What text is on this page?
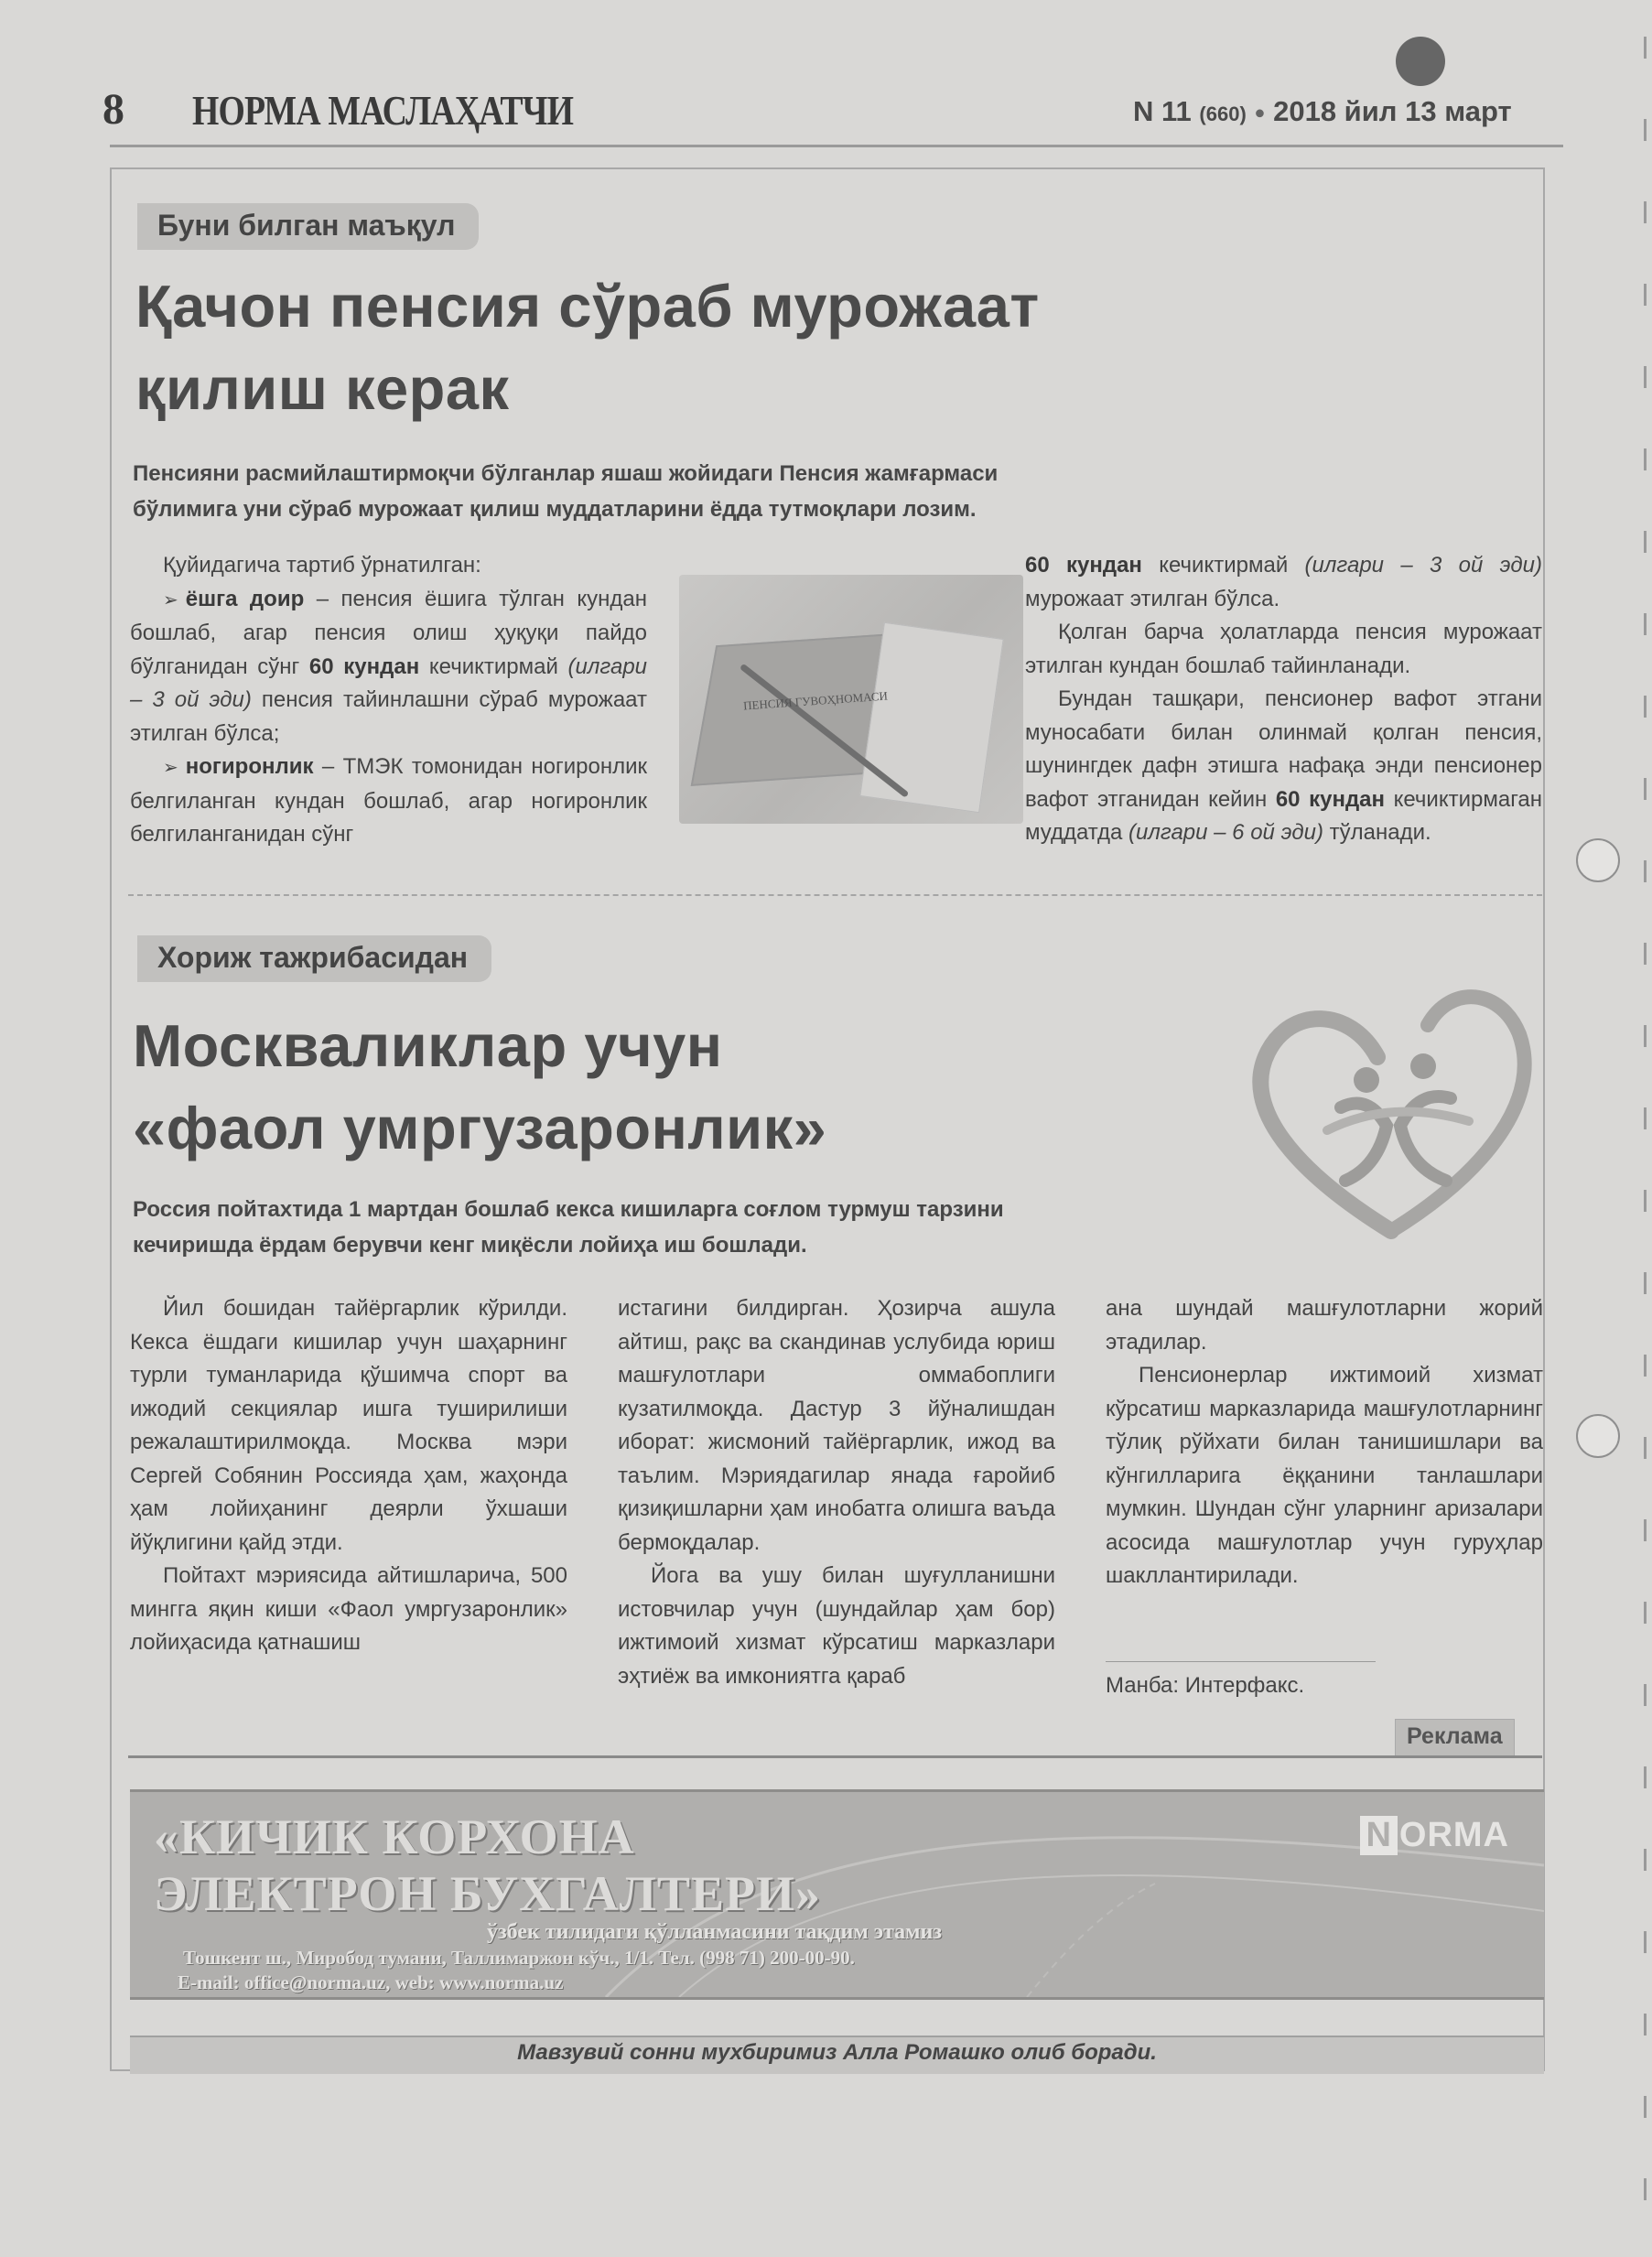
8 НОРМА МАСЛАҲАТЧИ	N 11 (660) ● 2018 йил 13 март
Буни билган маъқул
Қачон пенсия сўраб мурожаат
қилиш керак
Пенсияни расмийлаштирмоқчи бўлганлар яшаш жойидаги Пенсия жамғармаси
бўлимига уни сўраб мурожаат қилиш муддатларини ёдда тутмоқлари лозим.

Қуйидагича тартиб ўрнатилган:

➢ ёшга доир – пенсия ёшига тўлган кундан бошлаб, агар пенсия олиш ҳуқуқи пайдо бўлганидан сўнг 60 кундан кечиктирмай (илгари – 3 ой эди) пенсия тайинлашни сўраб мурожаат этилган бўлса;

➢ ногиронлик – ТМЭК томонидан ногиронлик белгиланган кундан бошлаб, агар ногиронлик белгиланганидан сўнг

ПЕНСИЯ ГУВОҲНОМАСИ

60 кундан кечиктирмай (илгари – 3 ой эди) мурожаат этилган бўлса.

Қолган барча ҳолатларда пенсия мурожаат этилган кундан бошлаб тайинланади.

Бундан ташқари, пенсионер вафот этгани муносабати билан олинмай қолган пенсия, шунингдек дафн этишга нафақа энди пенсионер вафот этганидан кейин 60 кундан кечиктирмаган муддатда (илгари – 6 ой эди) тўланади.

Хориж тажрибасидан
Москваликлар учун
«фаол умргузаронлик»
Россия пойтахтида 1 мартдан бошлаб кекса кишиларга соғлом турмуш тарзини
кечиришда ёрдам берувчи кенг миқёсли лойиҳа иш бошлади.

Йил бошидан тайёргарлик кўрилди. Кекса ёшдаги кишилар учун шаҳарнинг турли туманларида қўшимча спорт ва ижодий секциялар ишга туширилиши режалаштирилмоқда. Москва мэри Сергей Собянин Россияда ҳам, жаҳонда ҳам лойиҳанинг деярли ўхшаши йўқлигини қайд этди.

Пойтахт мэриясида айтишларича, 500 мингга яқин киши «Фаол умргузаронлик» лойиҳасида қатнашиш

истагини билдирган. Ҳозирча ашула айтиш, рақс ва скандинав услубида юриш машғулотлари оммабоплиги кузатилмоқда. Дастур 3 йўналишдан иборат: жисмоний тайёргарлик, ижод ва таълим. Мэриядагилар янада ғаройиб қизиқишларни ҳам инобатга олишга ваъда бермоқдалар.

Йога ва ушу билан шуғулланишни истовчилар учун (шундайлар ҳам бор) ижтимоий хизмат кўрсатиш марказлари эҳтиёж ва имкониятга қараб

ана шундай машғулотларни жорий этадилар.

Пенсионерлар ижтимоий хизмат кўрсатиш марказларида машғулотларнинг тўлиқ рўйхати билан танишишлари ва кўнгилларига ёққанини танлашлари мумкин. Шундан сўнг уларнинг аризалари асосида машғулотлар учун гуруҳлар шакллантирилади.

Манба: Интерфакс.
Реклама
«КИЧИК КОРХОНА
ЭЛЕКТРОН БУХГАЛТЕРИ»
N ORMA
ўзбек тилидаги қўлланмасини тақдим этамиз
Тошкент ш., Миробод тумани, Таллимаржон кўч., 1/1. Тел. (998 71) 200-00-90.
E-mail: office@norma.uz, web: www.norma.uz
Мавзувий сонни мухбиримиз Алла Ромашко олиб боради.
